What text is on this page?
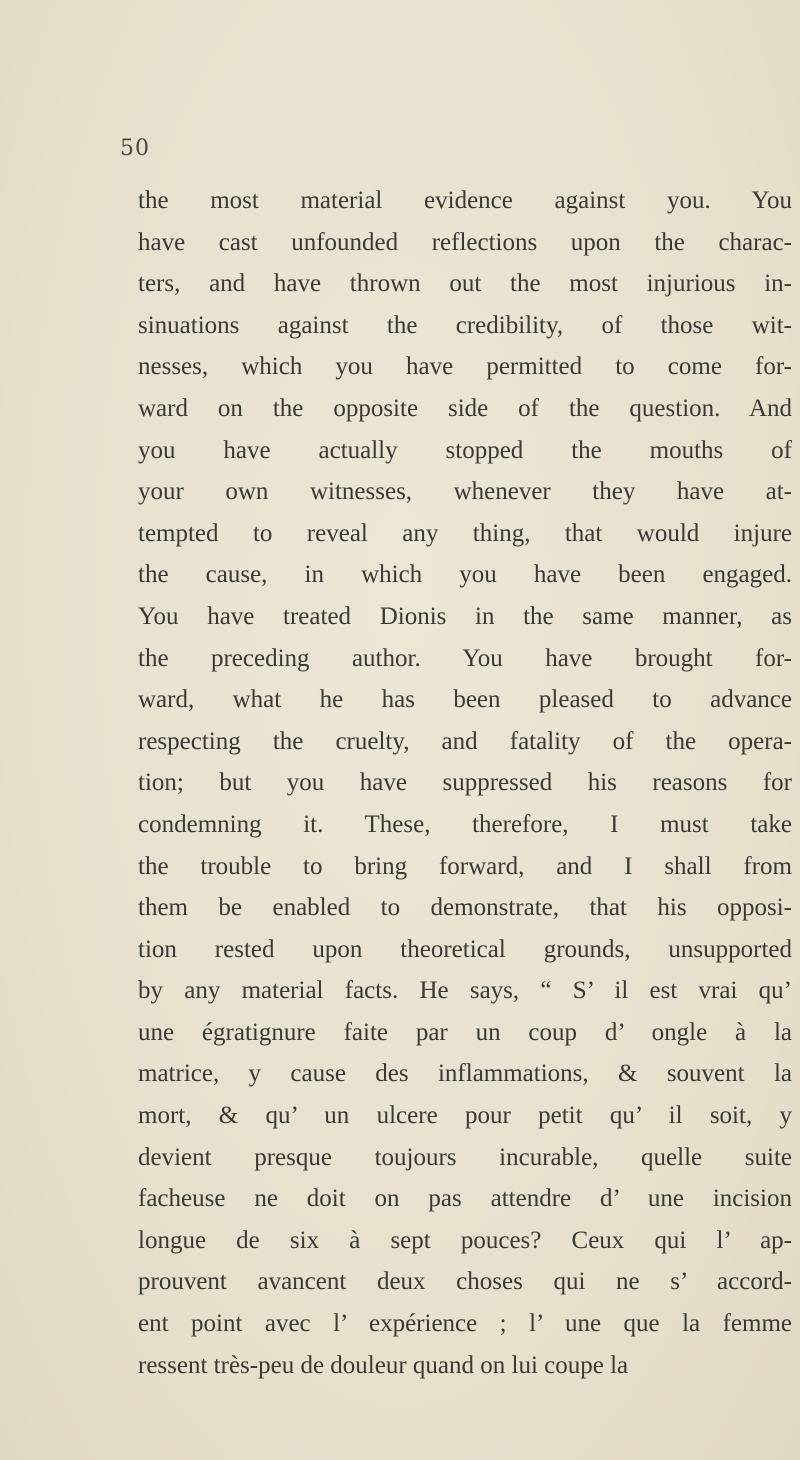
50
the most material evidence against you. You
have cast unfounded reflections upon the charac-
ters, and have thrown out the most injurious in-
sinuations against the credibility, of those wit-
nesses, which you have permitted to come for-
ward on the opposite side of the question. And
you have actually stopped the mouths of
your own witnesses, whenever they have at-
tempted to reveal any thing, that would injure
the cause, in which you have been engaged.
You have treated Dionis in the same manner, as
the preceding author. You have brought for-
ward, what he has been pleased to advance
respecting the cruelty, and fatality of the opera-
tion; but you have suppressed his reasons for
condemning it. These, therefore, I must take
the trouble to bring forward, and I shall from
them be enabled to demonstrate, that his opposi-
tion rested upon theoretical grounds, unsupported
by any material facts. He says, “ S’ il est vrai qu’
une égratignure faite par un coup d’ ongle à la
matrice, y cause des inflammations, & souvent la
mort, & qu’ un ulcere pour petit qu’ il soit, y
devient presque toujours incurable, quelle suite
facheuse ne doit on pas attendre d’ une incision
longue de six à sept pouces? Ceux qui l’ ap-
prouvent avancent deux choses qui ne s’ accord-
ent point avec l’ expérience ; l’ une que la femme
ressent très-peu de douleur quand on lui coupe la
